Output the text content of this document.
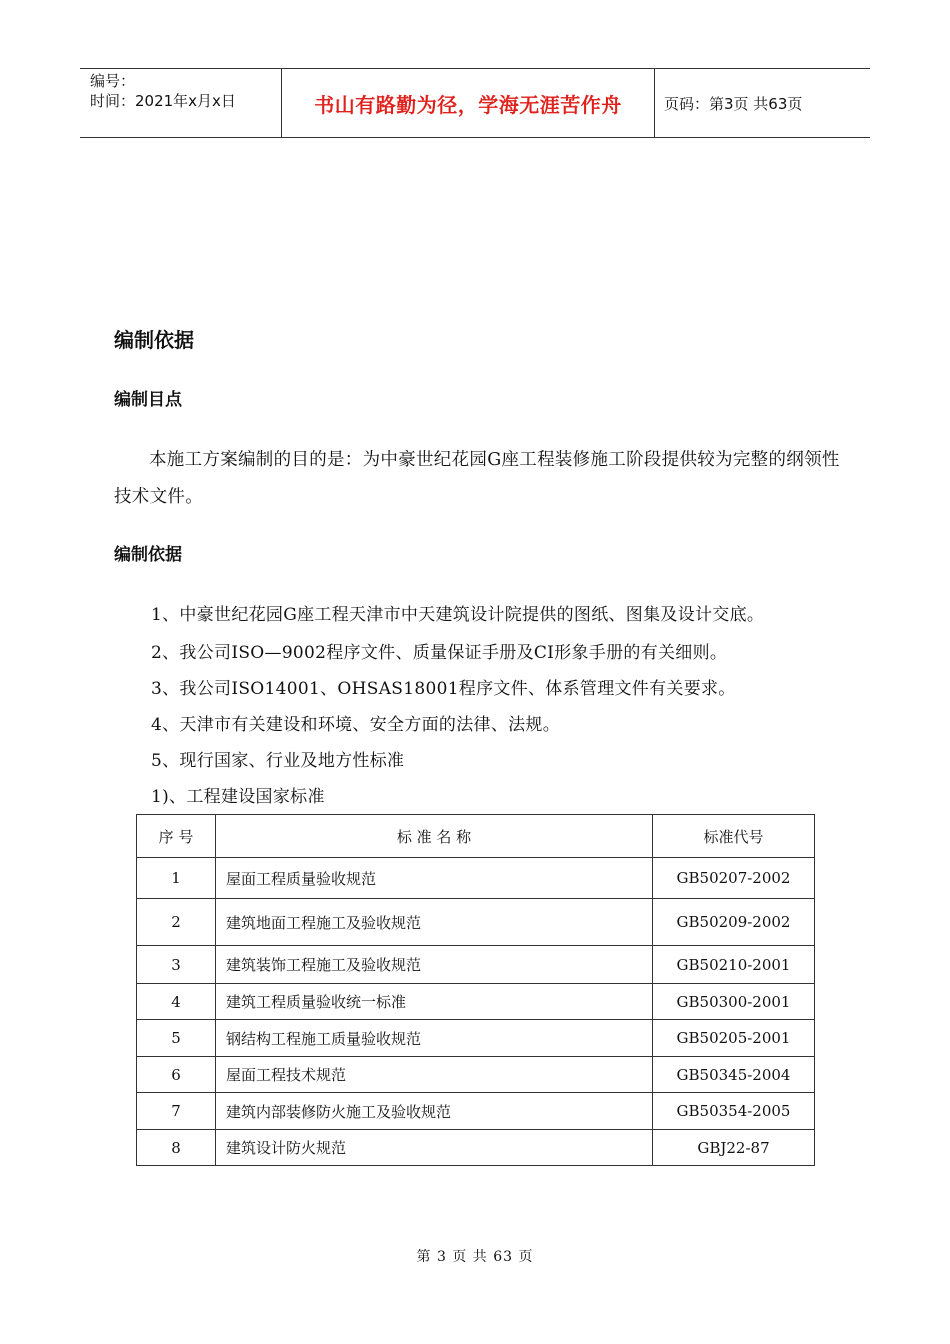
编号：
时间：2021年x月x日	书山有路勤为径，学海无涯苦作舟	页码：第3页 共63页
编制依据
编制目点
本施工方案编制的目的是：为中豪世纪花园G座工程装修施工阶段提供较为完整的纲领性技术文件。
编制依据
1、中豪世纪花园G座工程天津市中天建筑设计院提供的图纸、图集及设计交底。
2、我公司ISO—9002程序文件、质量保证手册及CI形象手册的有关细则。
3、我公司ISO14001、OHSAS18001程序文件、体系管理文件有关要求。
4、天津市有关建设和环境、安全方面的法律、法规。
5、现行国家、行业及地方性标准
1)、工程建设国家标准
序 号	标 准 名 称	标准代号
1	屋面工程质量验收规范	GB50207-2002
2	建筑地面工程施工及验收规范	GB50209-2002
3	建筑装饰工程施工及验收规范	GB50210-2001
4	建筑工程质量验收统一标准	GB50300-2001
5	钢结构工程施工质量验收规范	GB50205-2001
6	屋面工程技术规范	GB50345-2004
7	建筑内部装修防火施工及验收规范	GB50354-2005
8	建筑设计防火规范	GBJ22-87
第 3 页 共 63 页
